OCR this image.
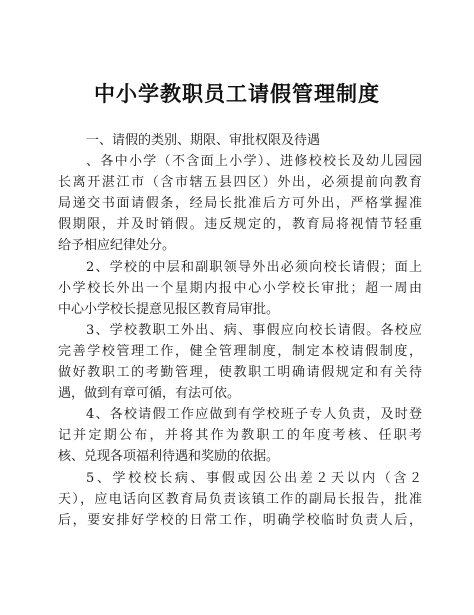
中小学教职员工请假管理制度
一、请假的类别、期限、审批权限及待遇
、各中小学（不含面上小学）、进修校校长及幼儿园园
长离开湛江市（含市辖五县四区）外出，必须提前向教育
局递交书面请假条，经局长批准后方可外出，严格掌握准
假期限，并及时销假。违反规定的，教育局将视情节轻重
给予相应纪律处分。
2、学校的中层和副职领导外出必须向校长请假；面上
小学校长外出一个星期内报中心小学校长审批；超一周由
中心小学校长提意见报区教育局审批。
3、学校教职工外出、病、事假应向校长请假。各校应
完善学校管理工作，健全管理制度，制定本校请假制度，
做好教职工的考勤管理，使教职工明确请假规定和有关待
遇，做到有章可循，有法可依。
4、各校请假工作应做到有学校班子专人负责，及时登
记并定期公布，并将其作为教职工的年度考核、任职考
核、兑现各项福利待遇和奖励的依据。
5、学校校长病、事假或因公出差２天以内（含２
天），应电话向区教育局负责该镇工作的副局长报告，批准
后，要安排好学校的日常工作，明确学校临时负责人后，
